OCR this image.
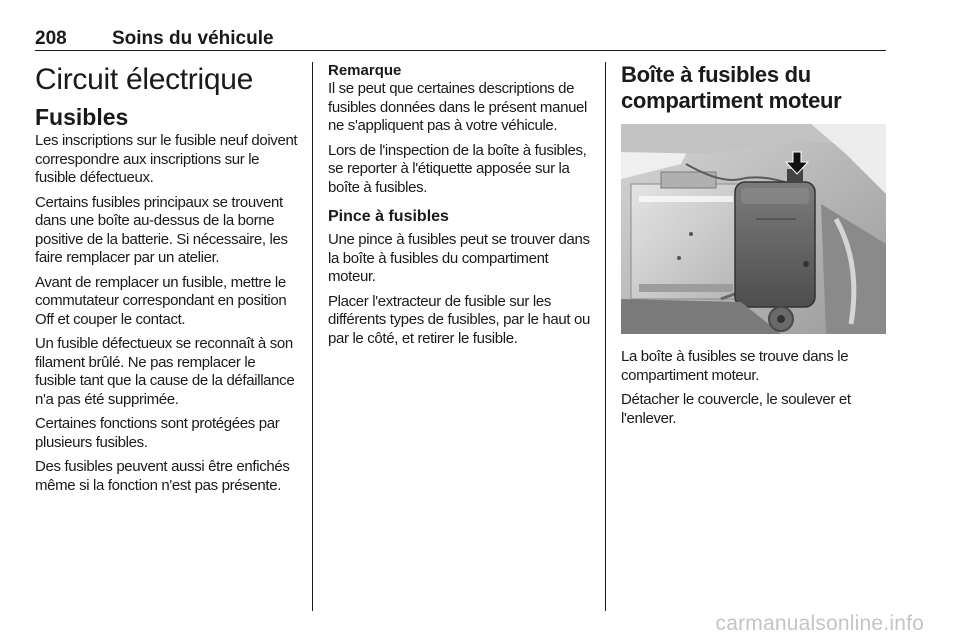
208 Soins du véhicule
Circuit électrique
Fusibles

Les inscriptions sur le fusible neuf doivent correspondre aux inscriptions sur le fusible défectueux.

Certains fusibles principaux se trouvent dans une boîte au-dessus de la borne positive de la batterie. Si nécessaire, les faire remplacer par un atelier.

Avant de remplacer un fusible, mettre le commutateur correspondant en position Off et couper le contact.

Un fusible défectueux se reconnaît à son filament brûlé. Ne pas remplacer le fusible tant que la cause de la défaillance n'a pas été supprimée.

Certaines fonctions sont protégées par plusieurs fusibles.

Des fusibles peuvent aussi être enfichés même si la fonction n'est pas présente.

Remarque

Il se peut que certaines descriptions de fusibles données dans le présent manuel ne s'appliquent pas à votre véhicule.

Lors de l'inspection de la boîte à fusibles, se reporter à l'étiquette apposée sur la boîte à fusibles.

Pince à fusibles

Une pince à fusibles peut se trouver dans la boîte à fusibles du compartiment moteur.

Placer l'extracteur de fusible sur les différents types de fusibles, par le haut ou par le côté, et retirer le fusible.

Boîte à fusibles du compartiment moteur

La boîte à fusibles se trouve dans le compartiment moteur.

Détacher le couvercle, le soulever et l'enlever.

carmanualsonline.info
